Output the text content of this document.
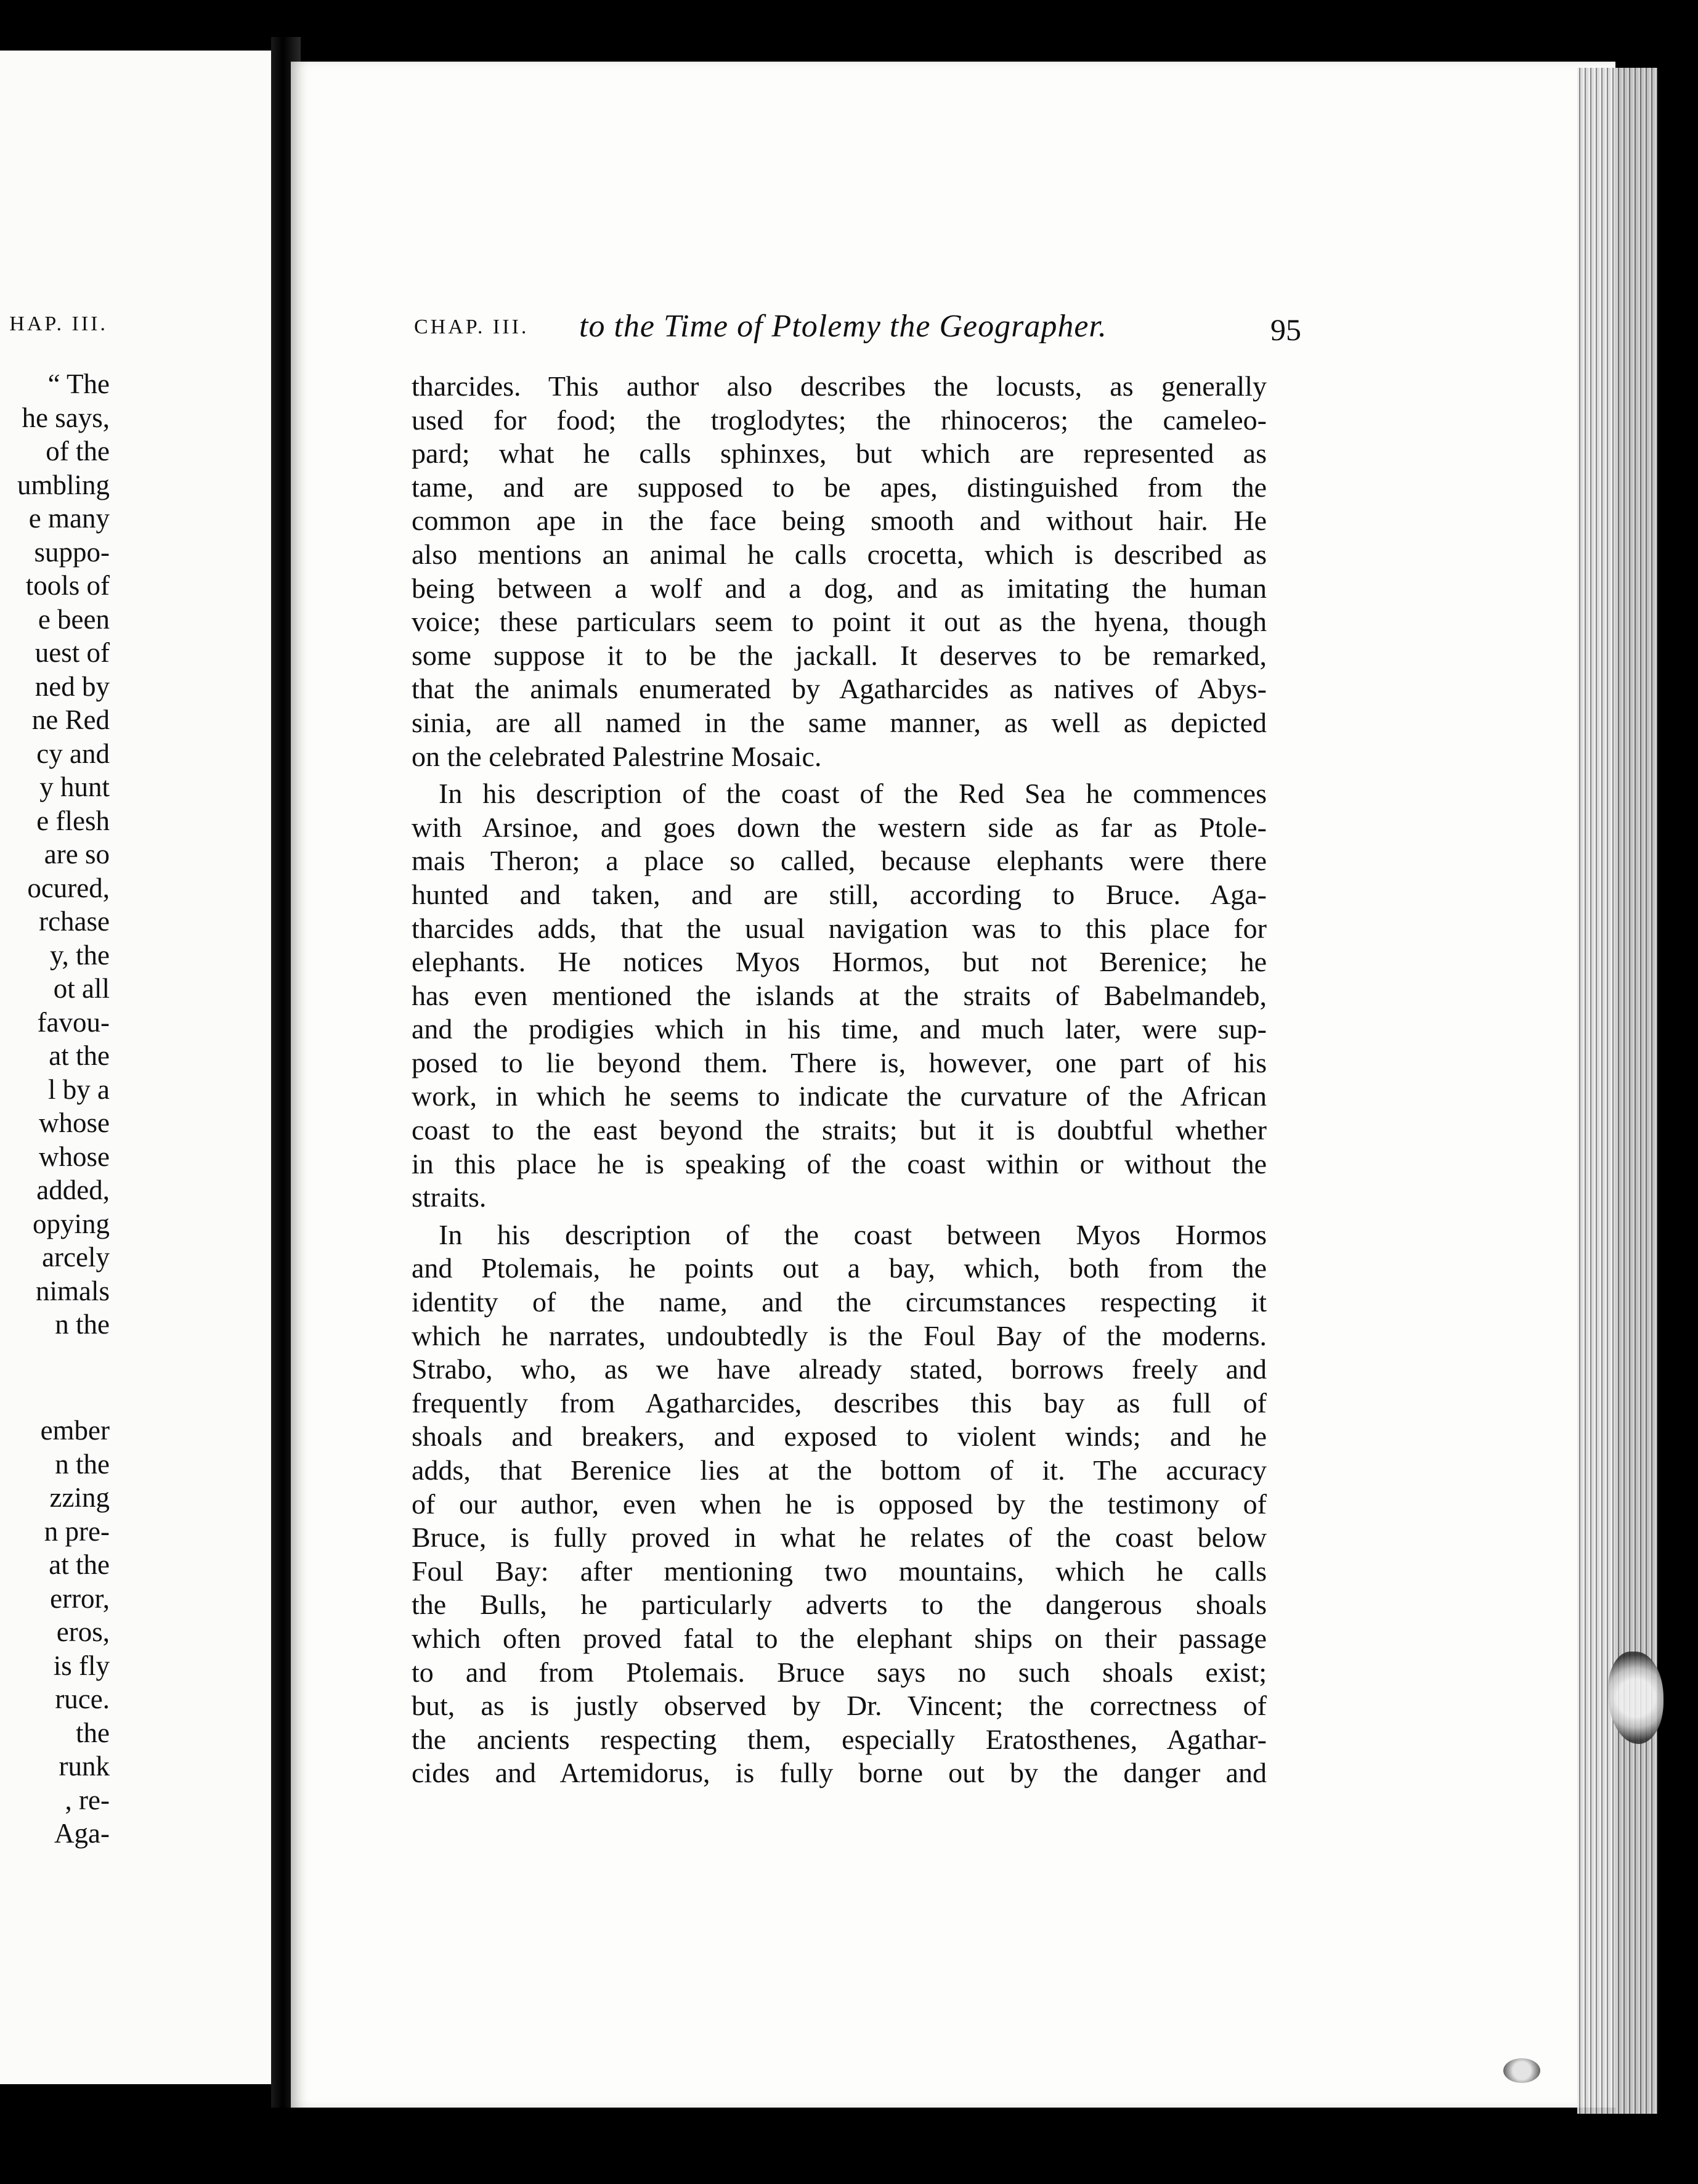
HAP. III.
“ The
he says,
of the
umbling
e many
suppo-
tools of
e been
uest of
ned by
ne Red
cy and
y hunt
e flesh
are so
ocured,
rchase
y, the
ot all
favou-
at the
l by a
whose
whose
added,
opying
arcely
nimals
n the
ember
n the
zzing
n pre-
at the
error,
eros,
is fly
ruce.
the
runk
, re-
Aga-
CHAP. III. to the Time of Ptolemy the Geographer.	95
tharcides. This author also describes the locusts, as generally
used for food; the troglodytes; the rhinoceros; the cameleo-
pard; what he calls sphinxes, but which are represented as
tame, and are supposed to be apes, distinguished from the
common ape in the face being smooth and without hair. He
also mentions an animal he calls crocetta, which is described as
being between a wolf and a dog, and as imitating the human
voice; these particulars seem to point it out as the hyena, though
some suppose it to be the jackall. It deserves to be remarked,
that the animals enumerated by Agatharcides as natives of Abys-
sinia, are all named in the same manner, as well as depicted
on the celebrated Palestrine Mosaic.
In his description of the coast of the Red Sea he commences
with Arsinoe, and goes down the western side as far as Ptole-
mais Theron; a place so called, because elephants were there
hunted and taken, and are still, according to Bruce. Aga-
tharcides adds, that the usual navigation was to this place for
elephants. He notices Myos Hormos, but not Berenice; he
has even mentioned the islands at the straits of Babelmandeb,
and the prodigies which in his time, and much later, were sup-
posed to lie beyond them. There is, however, one part of his
work, in which he seems to indicate the curvature of the African
coast to the east beyond the straits; but it is doubtful whether
in this place he is speaking of the coast within or without the
straits.
In his description of the coast between Myos Hormos
and Ptolemais, he points out a bay, which, both from the
identity of the name, and the circumstances respecting it
which he narrates, undoubtedly is the Foul Bay of the moderns.
Strabo, who, as we have already stated, borrows freely and
frequently from Agatharcides, describes this bay as full of
shoals and breakers, and exposed to violent winds; and he
adds, that Berenice lies at the bottom of it. The accuracy
of our author, even when he is opposed by the testimony of
Bruce, is fully proved in what he relates of the coast below
Foul Bay: after mentioning two mountains, which he calls
the Bulls, he particularly adverts to the dangerous shoals
which often proved fatal to the elephant ships on their passage
to and from Ptolemais. Bruce says no such shoals exist;
but, as is justly observed by Dr. Vincent; the correctness of
the ancients respecting them, especially Eratosthenes, Agathar-
cides and Artemidorus, is fully borne out by the danger and
